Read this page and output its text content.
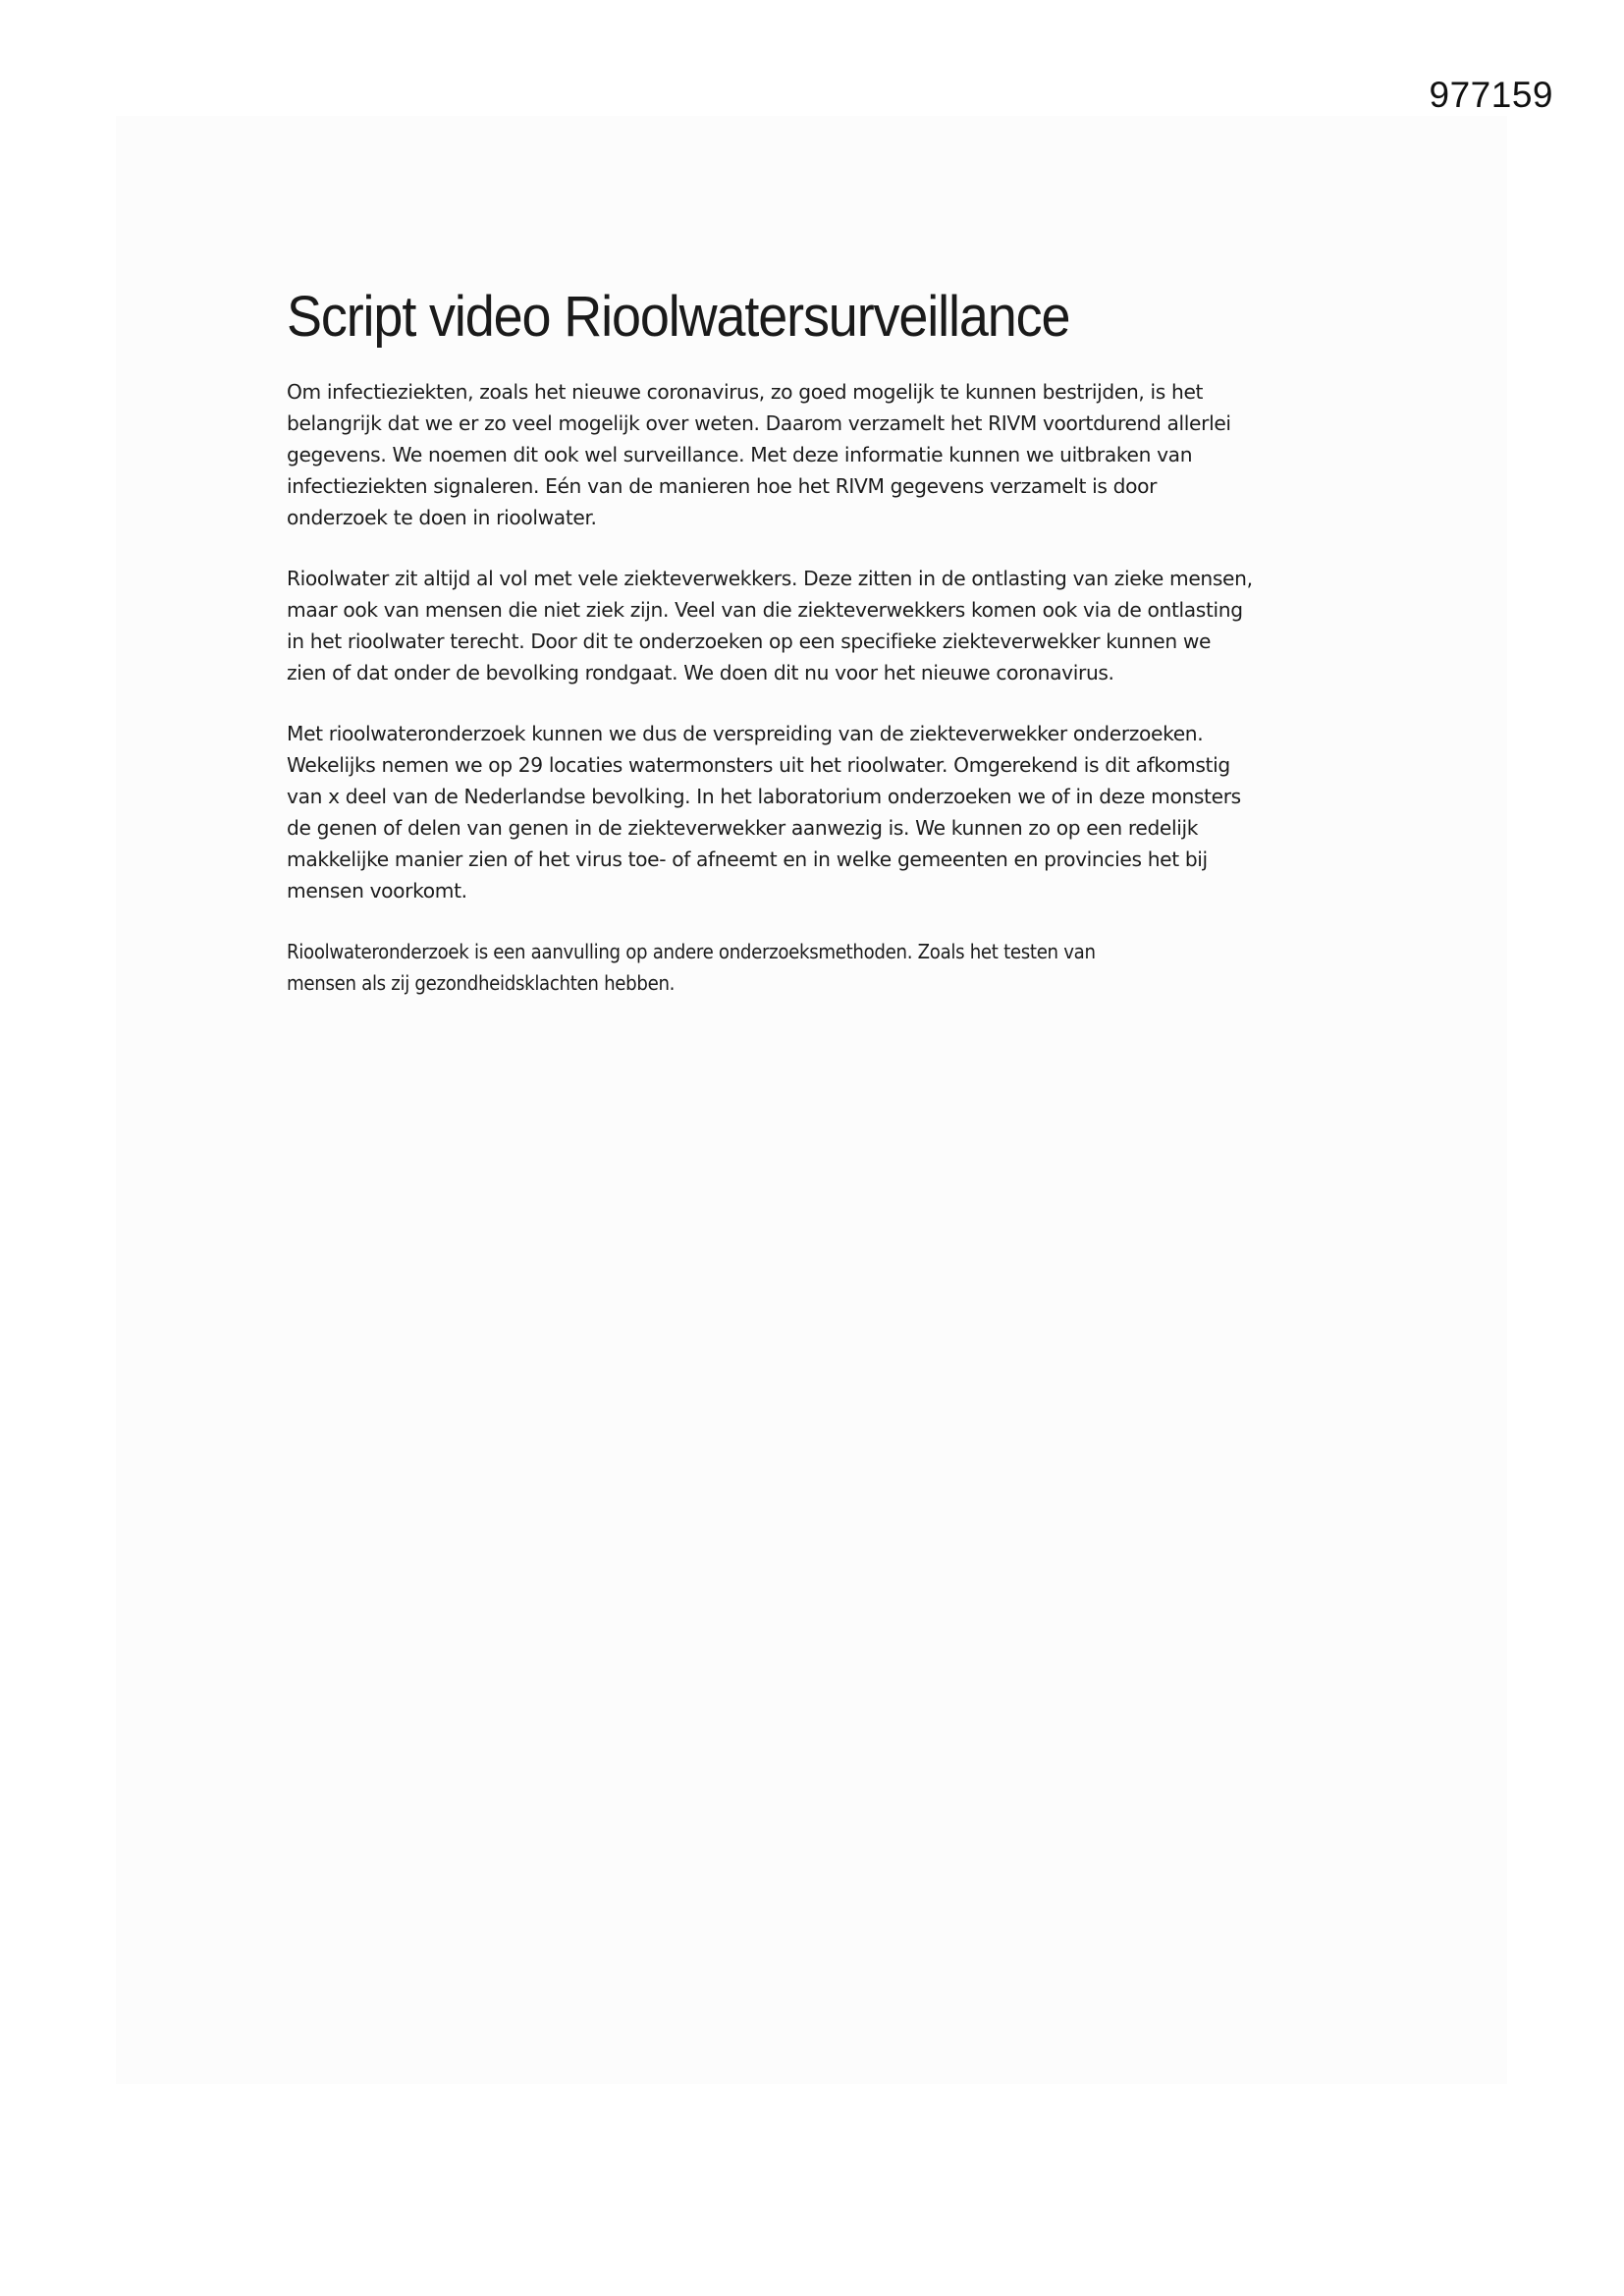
977159
Script video Rioolwatersurveillance

Om infectieziekten, zoals het nieuwe coronavirus, zo goed mogelijk te kunnen bestrijden, is het
belangrijk dat we er zo veel mogelijk over weten. Daarom verzamelt het RIVM voortdurend allerlei
gegevens. We noemen dit ook wel surveillance. Met deze informatie kunnen we uitbraken van
infectieziekten signaleren. Eén van de manieren hoe het RIVM gegevens verzamelt is door
onderzoek te doen in rioolwater.

Rioolwater zit altijd al vol met vele ziekteverwekkers. Deze zitten in de ontlasting van zieke mensen,
maar ook van mensen die niet ziek zijn. Veel van die ziekteverwekkers komen ook via de ontlasting
in het rioolwater terecht. Door dit te onderzoeken op een specifieke ziekteverwekker kunnen we
zien of dat onder de bevolking rondgaat. We doen dit nu voor het nieuwe coronavirus.

Met rioolwateronderzoek kunnen we dus de verspreiding van de ziekteverwekker onderzoeken.
Wekelijks nemen we op 29 locaties watermonsters uit het rioolwater. Omgerekend is dit afkomstig
van x deel van de Nederlandse bevolking. In het laboratorium onderzoeken we of in deze monsters
de genen of delen van genen in de ziekteverwekker aanwezig is. We kunnen zo op een redelijk
makkelijke manier zien of het virus toe- of afneemt en in welke gemeenten en provincies het bij
mensen voorkomt.

Rioolwateronderzoek is een aanvulling op andere onderzoeksmethoden. Zoals het testen van
mensen als zij gezondheidsklachten hebben.
